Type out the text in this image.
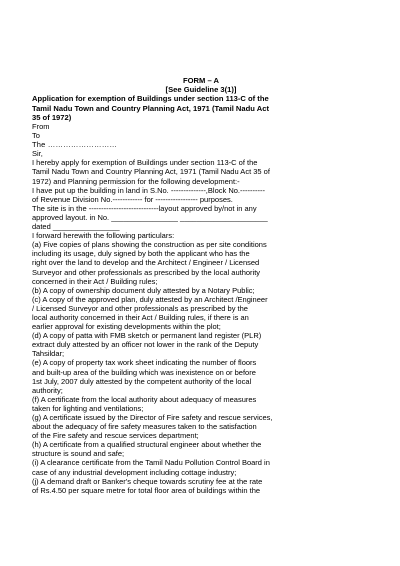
FORM – A
[See Guideline 3(1)]
Application for exemption of Buildings under section 113-C of the
Tamil Nadu Town and Country Planning Act, 1971 (Tamil Nadu Act
35 of 1972)
From
To
The ………………………
Sir,
I hereby apply for exemption of Buildings under section 113-C of the
Tamil Nadu Town and Country Planning Act, 1971 (Tamil Nadu Act 35 of
1972) and Planning permission for the following development:-
I have put up the building in land in S.No. --------------,Block No.----------
of Revenue Division No.------------ for ----------------- purposes.
The site is in the ----------------------------layout approved by/not in any
approved layout. in No. ________________ _____________________
dated ________________
I forward herewith the following particulars:
(a) Five copies of plans showing the construction as per site conditions
including its usage, duly signed by both the applicant who has the
right over the land to develop and the Architect / Engineer / Licensed
Surveyor and other professionals as prescribed by the local authority
concerned in their Act / Building rules;
(b) A copy of ownership document duly attested by a Notary Public;
(c) A copy of the approved plan, duly attested by an Architect /Engineer
/ Licensed Surveyor and other professionals as prescribed by the
local authority concerned in their Act / Building rules, if there is an
earlier approval for existing developments within the plot;
(d) A copy of patta with FMB sketch or permanent land register (PLR)
extract duly attested by an officer not lower in the rank of the Deputy
Tahsildar;
(e) A copy of property tax work sheet indicating the number of floors
and built-up area of the building which was inexistence on or before
1st July, 2007 duly attested by the competent authority of the local
authority;
(f) A certificate from the local authority about adequacy of measures
taken for lighting and ventilations;
(g) A certificate issued by the Director of Fire safety and rescue services,
about the adequacy of fire safety measures taken to the satisfaction
of the Fire safety and rescue services department;
(h) A certificate from a qualified structural engineer about whether the
structure is sound and safe;
(i) A clearance certificate from the Tamil Nadu Pollution Control Board in
case of any industrial development including cottage industry;
(j) A demand draft or Banker's cheque towards scrutiny fee at the rate
of Rs.4.50 per square metre for total floor area of buildings within the
